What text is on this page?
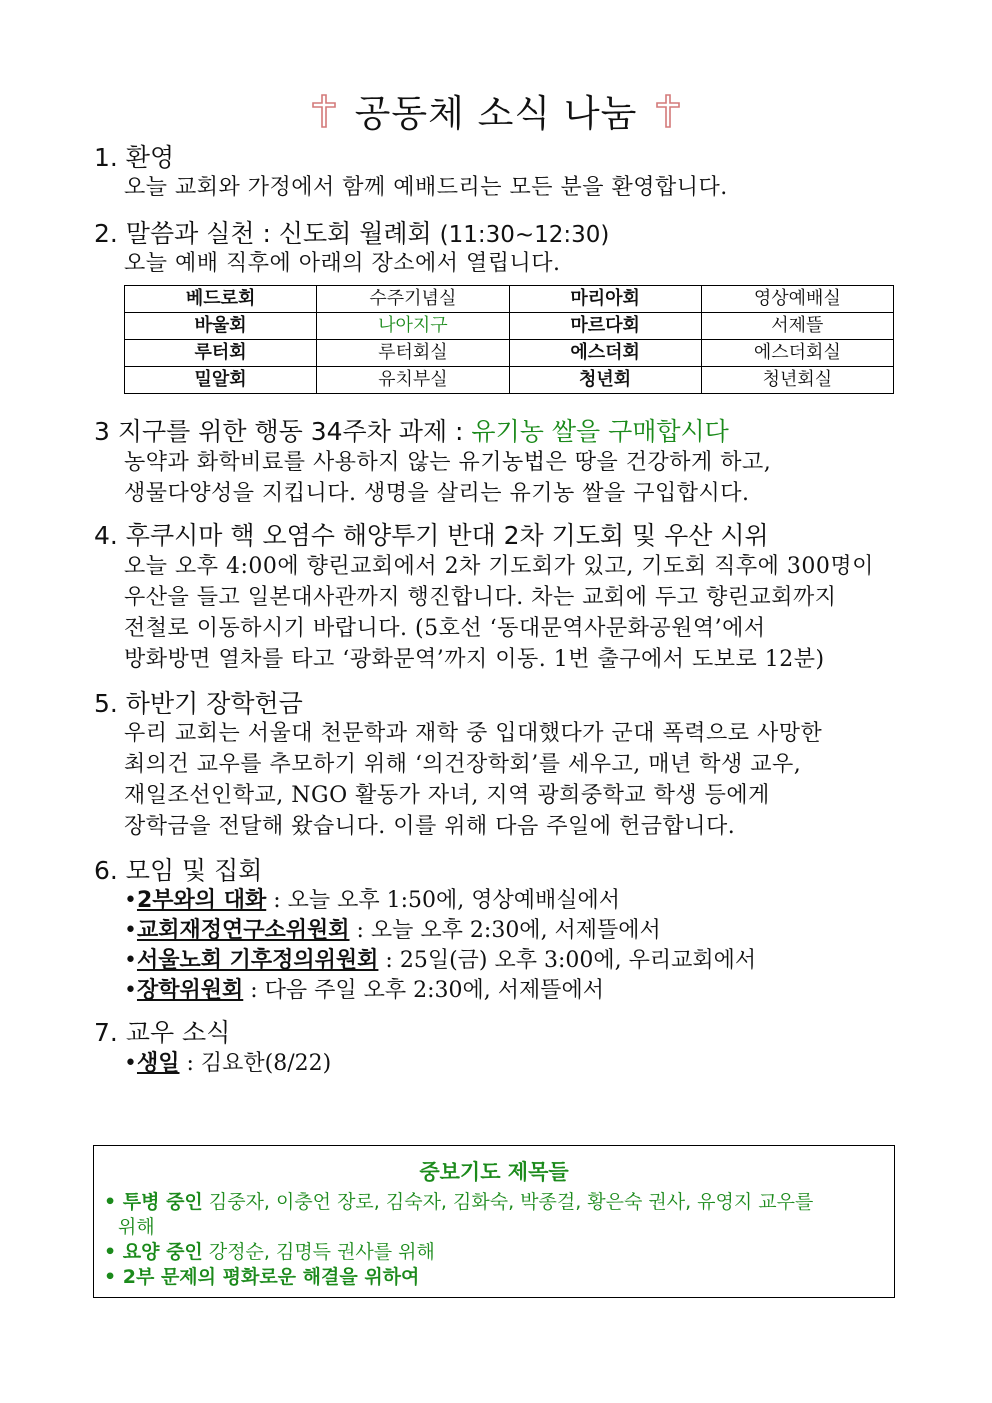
공동체 소식 나눔
1. 환영
오늘 교회와 가정에서 함께 예배드리는 모든 분을 환영합니다.
2. 말씀과 실천 : 신도회 월례회 (11:30~12:30)
오늘 예배 직후에 아래의 장소에서 열립니다.
베드로회	수주기념실	마리아회	영상예배실
바울회	나아지구	마르다회	서제뜰
루터회	루터회실	에스더회	에스더회실
밀알회	유치부실	청년회	청년회실
3 지구를 위한 행동 34주차 과제 : 유기농 쌀을 구매합시다
농약과 화학비료를 사용하지 않는 유기농법은 땅을 건강하게 하고,
생물다양성을 지킵니다. 생명을 살리는 유기농 쌀을 구입합시다.
4. 후쿠시마 핵 오염수 해양투기 반대 2차 기도회 및 우산 시위
오늘 오후 4:00에 향린교회에서 2차 기도회가 있고, 기도회 직후에 300명이
우산을 들고 일본대사관까지 행진합니다. 차는 교회에 두고 향린교회까지
전철로 이동하시기 바랍니다. (5호선 ‘동대문역사문화공원역’에서
방화방면 열차를 타고 ‘광화문역’까지 이동. 1번 출구에서 도보로 12분)
5. 하반기 장학헌금
우리 교회는 서울대 천문학과 재학 중 입대했다가 군대 폭력으로 사망한
최의건 교우를 추모하기 위해 ‘의건장학회’를 세우고, 매년 학생 교우,
재일조선인학교, NGO 활동가 자녀, 지역 광희중학교 학생 등에게
장학금을 전달해 왔습니다. 이를 위해 다음 주일에 헌금합니다.
6. 모임 및 집회
•2부와의 대화 : 오늘 오후 1:50에, 영상예배실에서
•교회재정연구소위원회 : 오늘 오후 2:30에, 서제뜰에서
•서울노회 기후정의위원회 : 25일(금) 오후 3:00에, 우리교회에서
•장학위원회 : 다음 주일 오후 2:30에, 서제뜰에서
7. 교우 소식
•생일 : 김요한(8/22)
중보기도 제목들
• 투병 중인 김중자, 이충언 장로, 김숙자, 김화숙, 박종걸, 황은숙 권사, 유영지 교우를
위해
• 요양 중인 강정순, 김명득 권사를 위해
• 2부 문제의 평화로운 해결을 위하여
